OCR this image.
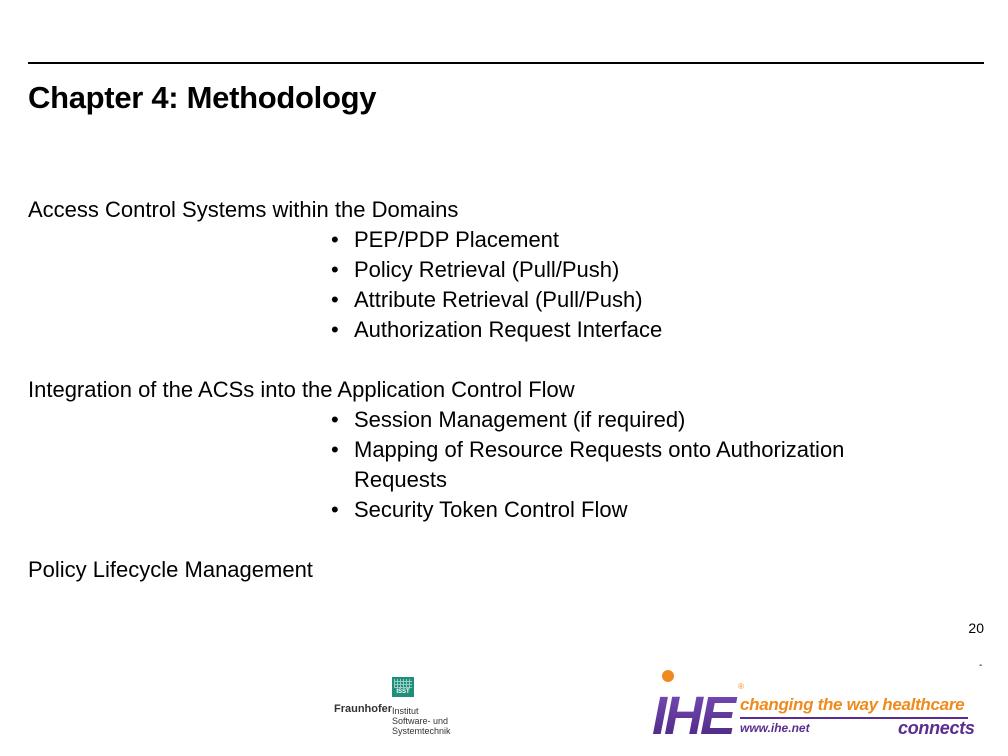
Chapter 4: Methodology
Access Control Systems within the Domains
• PEP/PDP Placement
• Policy Retrieval (Pull/Push)
• Attribute Retrieval (Pull/Push)
• Authorization Request Interface
Integration of the ACSs into the Application Control Flow
• Session Management (if required)
• Mapping of Resource Requests onto Authorization Requests
• Security Token Control Flow
Policy Lifecycle Management
20
-
Fraunhofer
ISST
Institut
Software- und
Systemtechnik	IHE ®
changing the way healthcare
www.ihe.net	connects
